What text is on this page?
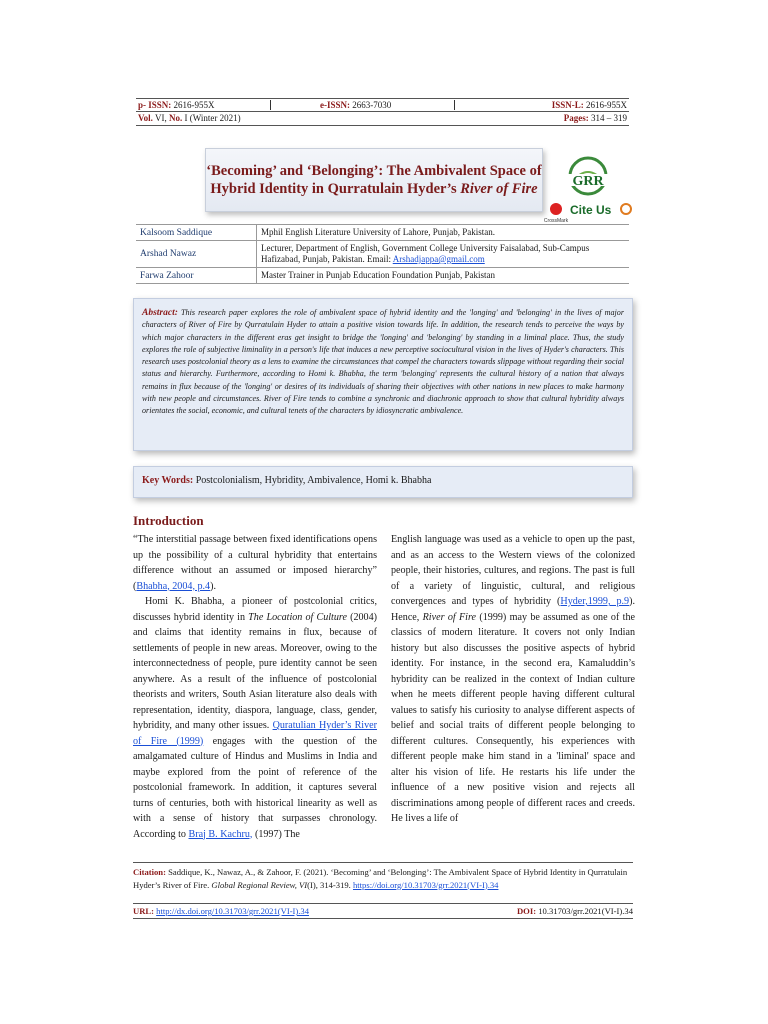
p- ISSN: 2616-955X	e-ISSN: 2663-7030	ISSN-L: 2616-955X
Vol. VI, No. I (Winter 2021)	Pages: 314 – 319
‘Becoming’ and ‘Belonging’: The Ambivalent Space of
Hybrid Identity in Qurratulain Hyder’s River of Fire	GRR
CrossMark
Cite Us
Kalsoom Saddique	Mphil English Literature University of Lahore, Punjab, Pakistan.
Arshad Nawaz	Lecturer, Department of English, Government College University Faisalabad, Sub-Campus Hafizabad, Punjab, Pakistan. Email: Arshadjappa@gmail.com
Farwa Zahoor	Master Trainer in Punjab Education Foundation Punjab, Pakistan
Abstract: This research paper explores the role of ambivalent space of hybrid identity and the 'longing' and 'belonging' in the lives of major characters of River of Fire by Qurratulain Hyder to attain a positive vision towards life. In addition, the research tends to perceive the ways by which major characters in the different eras get insight to bridge the 'longing' and 'belonging' by standing in a liminal place. Thus, the study explores the role of subjective liminality in a person's life that induces a new perceptive sociocultural vision in the lives of Hyder's characters. This research uses postcolonial theory as a lens to examine the circumstances that compel the characters towards slippage without regarding their social status and hierarchy. Furthermore, according to Homi k. Bhabha, the term 'belonging' represents the cultural history of a nation that always remains in flux because of the 'longing' or desires of its individuals of sharing their objectives with other nations in new places to make harmony with new people and circumstances. River of Fire tends to combine a synchronic and diachronic approach to show that cultural hybridity always orientates the social, economic, and cultural tenets of the characters by idiosyncratic ambivalence.
Key Words: Postcolonialism, Hybridity, Ambivalence, Homi k. Bhabha
Introduction

“The interstitial passage between fixed identifications opens up the possibility of a cultural hybridity that entertains difference without an assumed or imposed hierarchy” (Bhabha, 2004, p.4).

Homi K. Bhabha, a pioneer of postcolonial critics, discusses hybrid identity in The Location of Culture (2004) and claims that identity remains in flux, because of settlements of people in new areas. Moreover, owing to the interconnectedness of people, pure identity cannot be seen anywhere. As a result of the influence of postcolonial theorists and writers, South Asian literature also deals with representation, identity, diaspora, language, class, gender, hybridity, and many other issues. Quratulian Hyder’s River of Fire (1999) engages with the question of the amalgamated culture of Hindus and Muslims in India and maybe explored from the point of reference of the postcolonial framework. In addition, it captures several turns of centuries, both with historical linearity as well as with a sense of history that surpasses chronology. According to Braj B. Kachru, (1997) The

English language was used as a vehicle to open up the past, and as an access to the Western views of the colonized people, their histories, cultures, and regions. The past is full of a variety of linguistic, cultural, and religious convergences and types of hybridity (Hyder,1999, p.9). Hence, River of Fire (1999) may be assumed as one of the classics of modern literature. It covers not only Indian history but also discusses the positive aspects of hybrid identity. For instance, in the second era, Kamaluddin’s hybridity can be realized in the context of Indian culture when he meets different people having different cultural values to satisfy his curiosity to analyse different aspects of belief and social traits of different people belonging to different cultures. Consequently, his experiences with different people make him stand in a 'liminal' space and alter his vision of life. He restarts his life under the influence of a new positive vision and rejects all discriminations among people of different races and creeds. He lives a life of

Citation: Saddique, K., Nawaz, A., & Zahoor, F. (2021). ‘Becoming’ and ‘Belonging’: The Ambivalent Space of Hybrid Identity in Qurratulain Hyder’s River of Fire. Global Regional Review, VI(I), 314-319. https://doi.org/10.31703/grr.2021(VI-I).34
URL: http://dx.doi.org/10.31703/grr.2021(VI-I).34	DOI: 10.31703/grr.2021(VI-I).34
